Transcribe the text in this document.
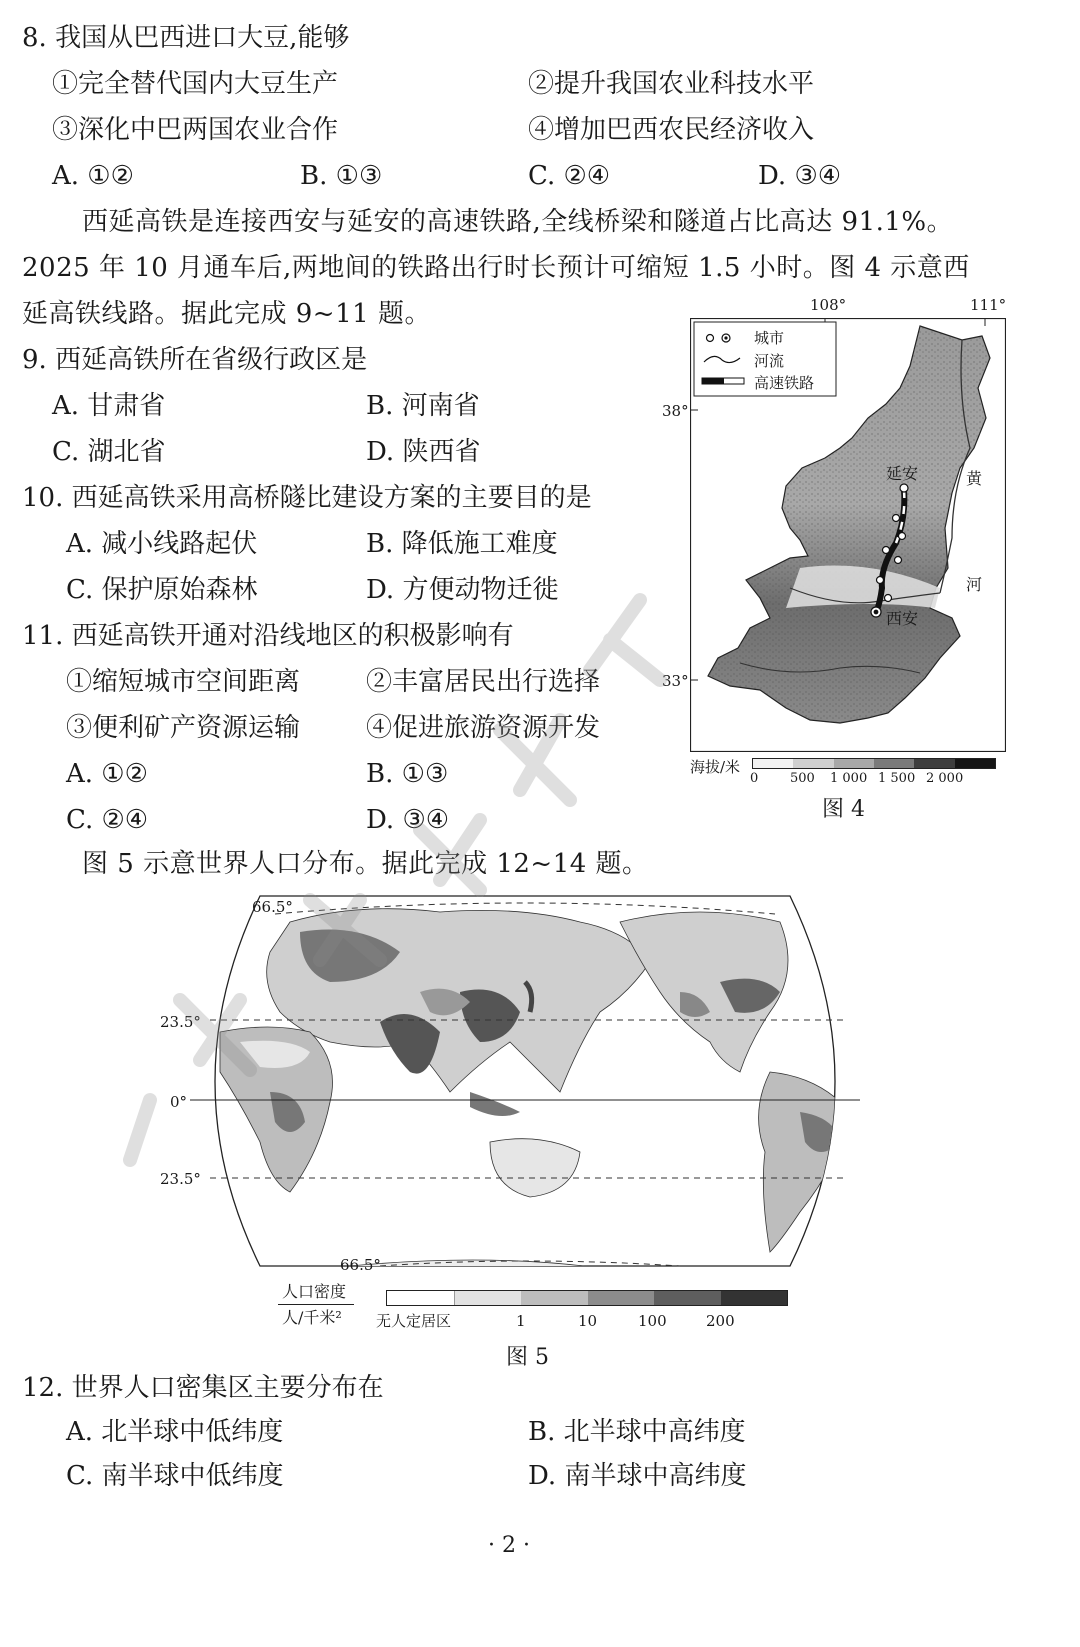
8. 我国从巴西进口大豆,能够
①完全替代国内大豆生产	②提升我国农业科技水平
③深化中巴两国农业合作	④增加巴西农民经济收入
A. ①②	B. ①③	C. ②④	D. ③④
西延高铁是连接西安与延安的高速铁路,全线桥梁和隧道占比高达 91.1%。
2025 年 10 月通车后,两地间的铁路出行时长预计可缩短 1.5 小时。图 4 示意西
延高铁线路。据此完成 9~11 题。
9. 西延高铁所在省级行政区是
A. 甘肃省	B. 河南省
C. 湖北省	D. 陕西省
10. 西延高铁采用高桥隧比建设方案的主要目的是
A. 减小线路起伏	B. 降低施工难度
C. 保护原始森林	D. 方便动物迁徙
11. 西延高铁开通对沿线地区的积极影响有
①缩短城市空间距离	②丰富居民出行选择
③便利矿产资源运输	④促进旅游资源开发
A. ①②	B. ①③
C. ②④	D. ③④
108°	111°
38°
33°
城市
河流
高速铁路
延安
西安
黄
河
海拔/米
0 500 1 000 1 500 2 000
图 4
图 5 示意世界人口分布。据此完成 12~14 题。
66.5°
23.5°
0°
23.5°
66.5°
人口密度
人/千米² 无人定居区	1	10	100	200
图 5
12. 世界人口密集区主要分布在
A. 北半球中低纬度	B. 北半球中高纬度
C. 南半球中低纬度	D. 南半球中高纬度
· 2 ·
